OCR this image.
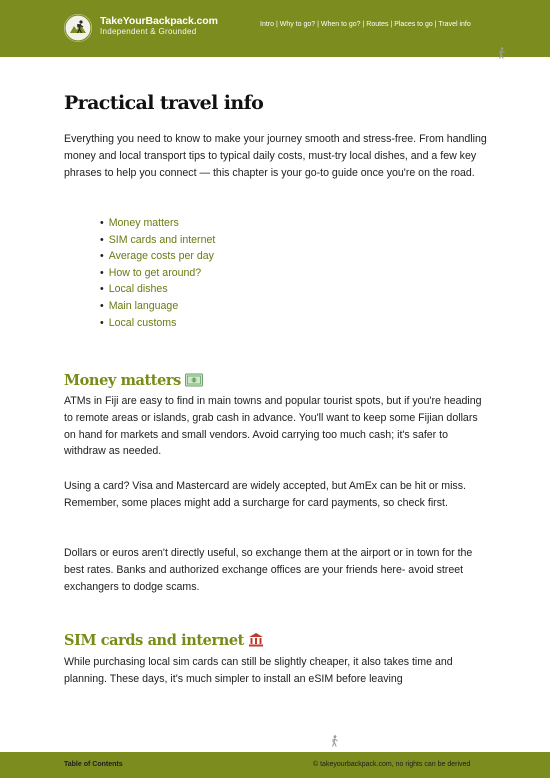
TakeYourBackpack.com
Independent & Grounded
Intro | Why to go? | When to go? | Routes | Places to go | Travel info
Practical travel info

Everything you need to know to make your journey smooth and stress-free. From handling money and local transport tips to typical daily costs, must-try local dishes, and a few key phrases to help you connect — this chapter is your go-to guide once you're on the road.

• Money matters
• SIM cards and internet
• Average costs per day
• How to get around?
• Local dishes
• Main language
• Local customs
Money matters

ATMs in Fiji are easy to find in main towns and popular tourist spots, but if you're heading to remote areas or islands, grab cash in advance. You'll want to keep some Fijian dollars on hand for markets and small vendors. Avoid carrying too much cash; it's safer to withdraw as needed.

Using a card? Visa and Mastercard are widely accepted, but AmEx can be hit or miss. Remember, some places might add a surcharge for card payments, so check first.

Dollars or euros aren't directly useful, so exchange them at the airport or in town for the best rates. Banks and authorized exchange offices are your friends here- avoid street exchangers to dodge scams.

SIM cards and internet

While purchasing local sim cards can still be slightly cheaper, it also takes time and planning. These days, it's much simpler to install an eSIM before leaving

Table of Contents	© takeyourbackpack.com, no rights can be derived
